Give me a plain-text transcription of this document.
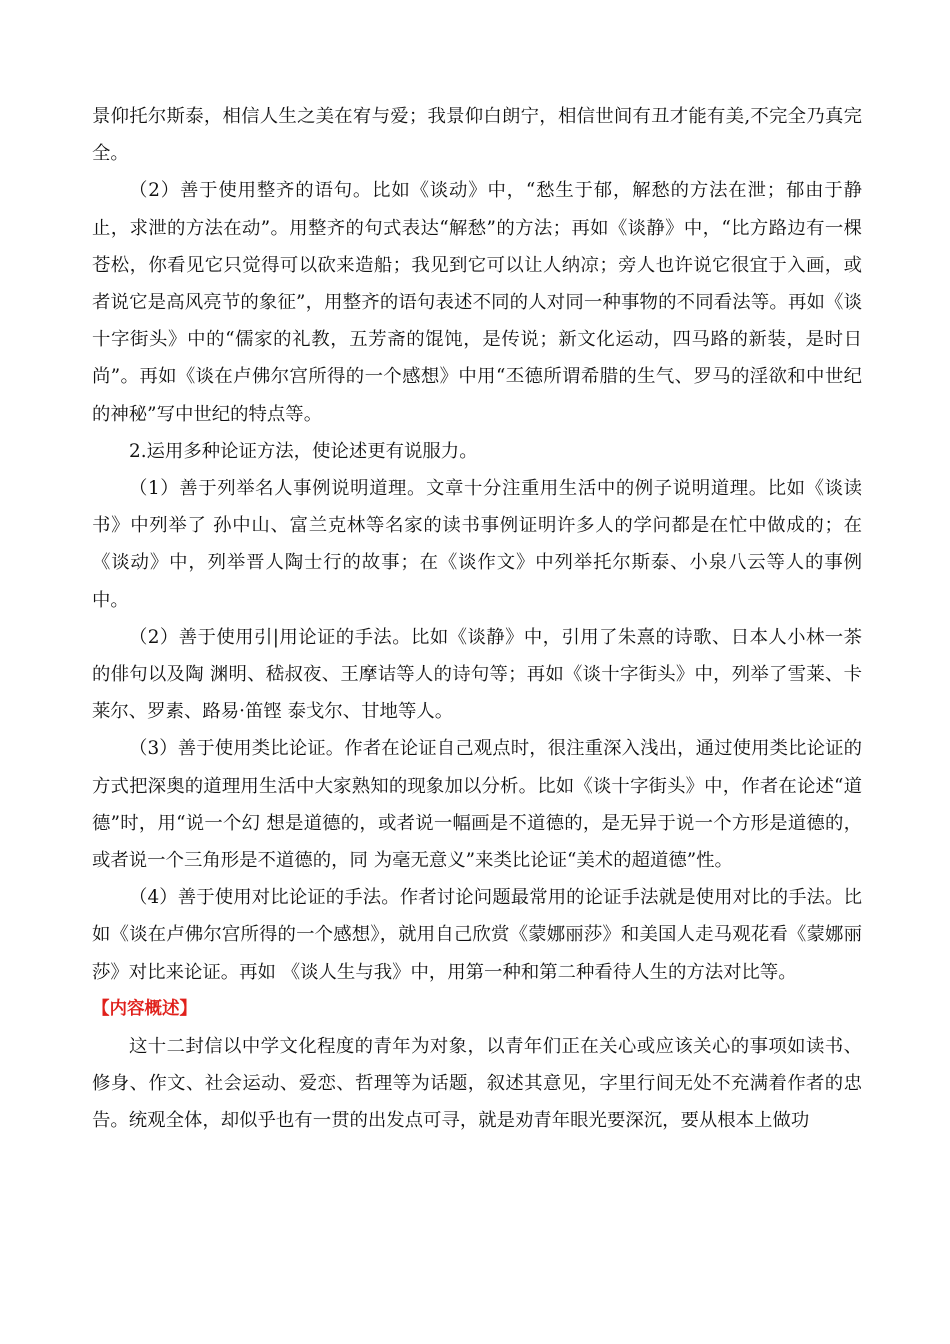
景仰托尔斯泰，相信人生之美在宥与爱；我景仰白朗宁，相信世间有丑才能有美,不完全乃真完全。

（2）善于使用整齐的语句。比如《谈动》中，“愁生于郁，解愁的方法在泄；郁由于静止，求泄的方法在动”。用整齐的句式表达“解愁”的方法；再如《谈静》中，“比方路边有一棵苍松，你看见它只觉得可以砍来造船；我见到它可以让人纳凉；旁人也许说它很宜于入画，或者说它是高风亮节的象征”，用整齐的语句表述不同的人对同一种事物的不同看法等。再如《谈十字街头》中的“儒家的礼教，五芳斋的馄饨，是传说；新文化运动，四马路的新装，是时日尚”。再如《谈在卢佛尔宫所得的一个感想》中用“丕德所谓希腊的生气、罗马的淫欲和中世纪的神秘”写中世纪的特点等。

2.运用多种论证方法，使论述更有说服力。

（1）善于列举名人事例说明道理。文章十分注重用生活中的例子说明道理。比如《谈读书》中列举了 孙中山、富兰克林等名家的读书事例证明许多人的学问都是在忙中做成的；在《谈动》中，列举晋人陶士行的故事；在《谈作文》中列举托尔斯泰、小泉八云等人的事例中。

（2）善于使用引|用论证的手法。比如《谈静》中，引用了朱熹的诗歌、日本人小林一茶的俳句以及陶 渊明、嵇叔夜、王摩诘等人的诗句等；再如《谈十字街头》中，列举了雪莱、卡莱尔、罗素、路易·笛铿 泰戈尔、甘地等人。

（3）善于使用类比论证。作者在论证自己观点时，很注重深入浅出，通过使用类比论证的方式把深奥的道理用生活中大家熟知的现象加以分析。比如《谈十字街头》中，作者在论述“道德”时，用“说一个幻 想是道德的，或者说一幅画是不道德的，是无异于说一个方形是道德的，或者说一个三角形是不道德的，同 为毫无意义”来类比论证“美术的超道德”性。

（4）善于使用对比论证的手法。作者讨论问题最常用的论证手法就是使用对比的手法。比如《谈在卢佛尔宫所得的一个感想》，就用自己欣赏《蒙娜丽莎》和美国人走马观花看《蒙娜丽莎》对比来论证。再如 《谈人生与我》中，用第一种和第二种看待人生的方法对比等。

【内容概述】

这十二封信以中学文化程度的青年为对象，以青年们正在关心或应该关心的事项如读书、修身、作文、社会运动、爱恋、哲理等为话题，叙述其意见，字里行间无处不充满着作者的忠告。统观全体，却似乎也有一贯的出发点可寻，就是劝青年眼光要深沉，要从根本上做功
